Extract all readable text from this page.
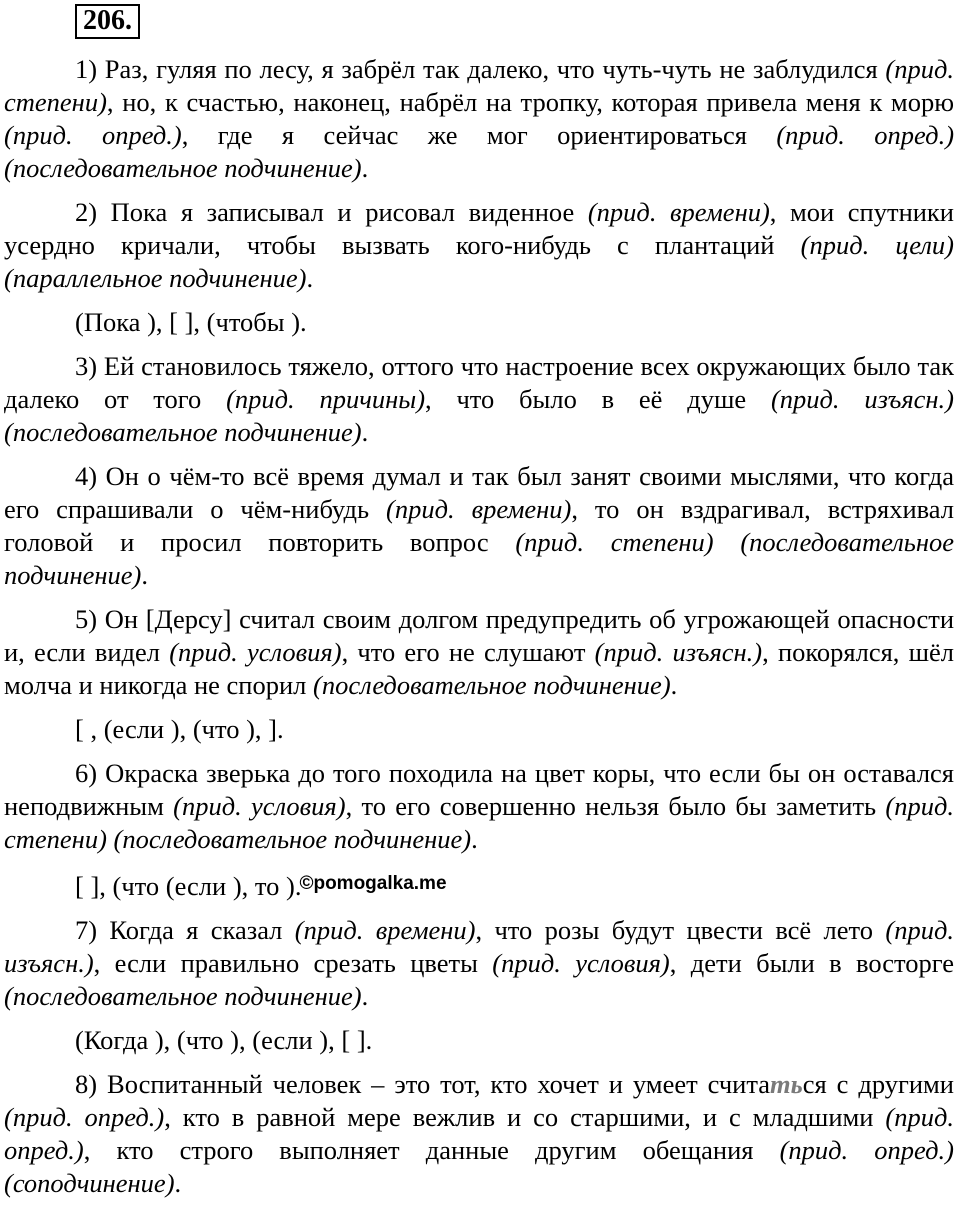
206.

1) Раз, гуляя по лесу, я забрёл так далеко, что чуть-чуть не заблудился (прид. степени), но, к счастью, наконец, набрёл на тропку, которая привела меня к морю (прид. опред.), где я сейчас же мог ориентироваться (прид. опред.) (последовательное подчинение).

2) Пока я записывал и рисовал виденное (прид. времени), мои спутники усердно кричали, чтобы вызвать кого-нибудь с плантаций (прид. цели) (параллельное подчинение).

(Пока ), [ ], (чтобы ).

3) Ей становилось тяжело, оттого что настроение всех окружающих было так далеко от того (прид. причины), что было в её душе (прид. изъясн.) (последовательное подчинение).

4) Он о чём-то всё время думал и так был занят своими мыслями, что когда его спрашивали о чём-нибудь (прид. времени), то он вздрагивал, встряхивал головой и просил повторить вопрос (прид. степени) (последовательное подчинение).

5) Он [Дерсу] считал своим долгом предупредить об угрожающей опасности и, если видел (прид. условия), что его не слушают (прид. изъясн.), покорялся, шёл молча и никогда не спорил (последовательное подчинение).

[ , (если ), (что ), ].

6) Окраска зверька до того походила на цвет коры, что если бы он оставался неподвижным (прид. условия), то его совершенно нельзя было бы заметить (прид. степени) (последовательное подчинение).

[ ], (что (если ), то ).$^{©pomogalka.me}$

7) Когда я сказал (прид. времени), что розы будут цвести всё лето (прид. изъясн.), если правильно срезать цветы (прид. условия), дети были в восторге (последовательное подчинение).

(Когда ), (что ), (если ), [ ].

8) Воспитанный человек – это тот, кто хочет и умеет считаться с другими (прид. опред.), кто в равной мере вежлив и со старшими, и с младшими (прид. опред.), кто строго выполняет данные другим обещания (прид. опред.) (соподчинение).
